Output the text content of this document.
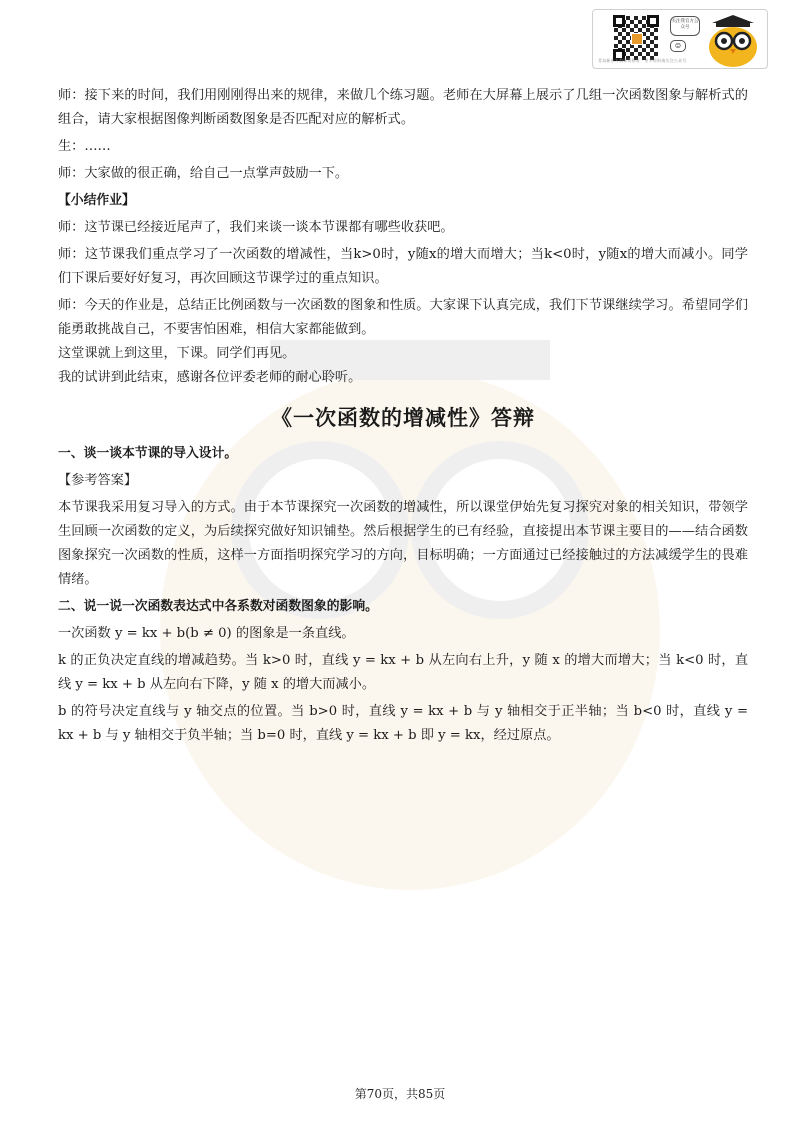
青岛新东方教师资格证 · 更多资料请关注公众号
关注我官方公众号
☺

师：接下来的时间，我们用刚刚得出来的规律，来做几个练习题。老师在大屏幕上展示了几组一次函数图象与解析式的组合，请大家根据图像判断函数图象是否匹配对应的解析式。

生：……

师：大家做的很正确，给自己一点掌声鼓励一下。

【小结作业】

师：这节课已经接近尾声了，我们来谈一谈本节课都有哪些收获吧。

师：这节课我们重点学习了一次函数的增减性，当k>0时，y随x的增大而增大；当k<0时，y随x的增大而减小。同学们下课后要好好复习，再次回顾这节课学过的重点知识。

师：今天的作业是，总结正比例函数与一次函数的图象和性质。大家课下认真完成，我们下节课继续学习。希望同学们能勇敢挑战自己，不要害怕困难，相信大家都能做到。

这堂课就上到这里，下课。同学们再见。

我的试讲到此结束，感谢各位评委老师的耐心聆听。

《一次函数的增减性》答辩

一、谈一谈本节课的导入设计。

【参考答案】

本节课我采用复习导入的方式。由于本节课探究一次函数的增减性，所以课堂伊始先复习探究对象的相关知识，带领学生回顾一次函数的定义，为后续探究做好知识铺垫。然后根据学生的已有经验，直接提出本节课主要目的——结合函数图象探究一次函数的性质，这样一方面指明探究学习的方向，目标明确；一方面通过已经接触过的方法减缓学生的畏难情绪。

二、说一说一次函数表达式中各系数对函数图象的影响。

一次函数 y = kx + b(b ≠ 0) 的图象是一条直线。

k 的正负决定直线的增减趋势。当 k>0 时，直线 y = kx + b 从左向右上升，y 随 x 的增大而增大；当 k<0 时，直线 y = kx + b 从左向右下降，y 随 x 的增大而减小。

b 的符号决定直线与 y 轴交点的位置。当 b>0 时，直线 y = kx + b 与 y 轴相交于正半轴；当 b<0 时，直线 y = kx + b 与 y 轴相交于负半轴；当 b=0 时，直线 y = kx + b 即 y = kx，经过原点。

第70页，共85页
